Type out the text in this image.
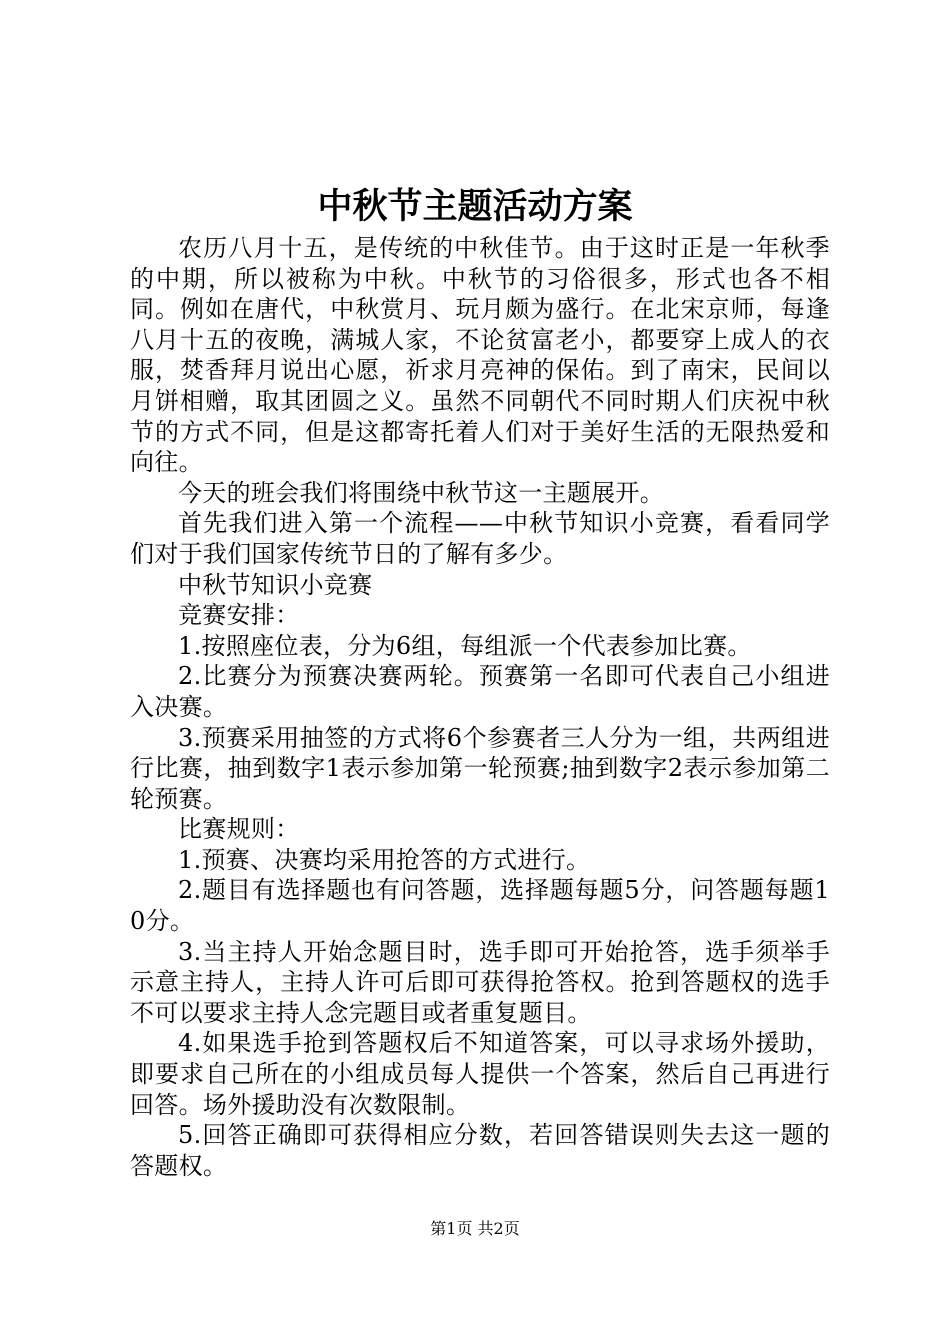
中秋节主题活动方案

农历八月十五，是传统的中秋佳节。由于这时正是一年秋季的中期，所以被称为中秋。中秋节的习俗很多，形式也各不相同。例如在唐代，中秋赏月、玩月颇为盛行。在北宋京师，每逢八月十五的夜晚，满城人家，不论贫富老小，都要穿上成人的衣服，焚香拜月说出心愿，祈求月亮神的保佑。到了南宋，民间以月饼相赠，取其团圆之义。虽然不同朝代不同时期人们庆祝中秋节的方式不同，但是这都寄托着人们对于美好生活的无限热爱和向往。

今天的班会我们将围绕中秋节这一主题展开。

首先我们进入第一个流程——中秋节知识小竞赛，看看同学们对于我们国家传统节日的了解有多少。

中秋节知识小竞赛

竞赛安排：

1.按照座位表，分为6组，每组派一个代表参加比赛。

2.比赛分为预赛决赛两轮。预赛第一名即可代表自己小组进入决赛。

3.预赛采用抽签的方式将6个参赛者三人分为一组，共两组进行比赛，抽到数字1表示参加第一轮预赛;抽到数字2表示参加第二轮预赛。

比赛规则：

1.预赛、决赛均采用抢答的方式进行。

2.题目有选择题也有问答题，选择题每题5分，问答题每题10分。

3.当主持人开始念题目时，选手即可开始抢答，选手须举手示意主持人，主持人许可后即可获得抢答权。抢到答题权的选手不可以要求主持人念完题目或者重复题目。

4.如果选手抢到答题权后不知道答案，可以寻求场外援助，即要求自己所在的小组成员每人提供一个答案，然后自己再进行回答。场外援助没有次数限制。

5.回答正确即可获得相应分数，若回答错误则失去这一题的答题权。

第1页 共2页
